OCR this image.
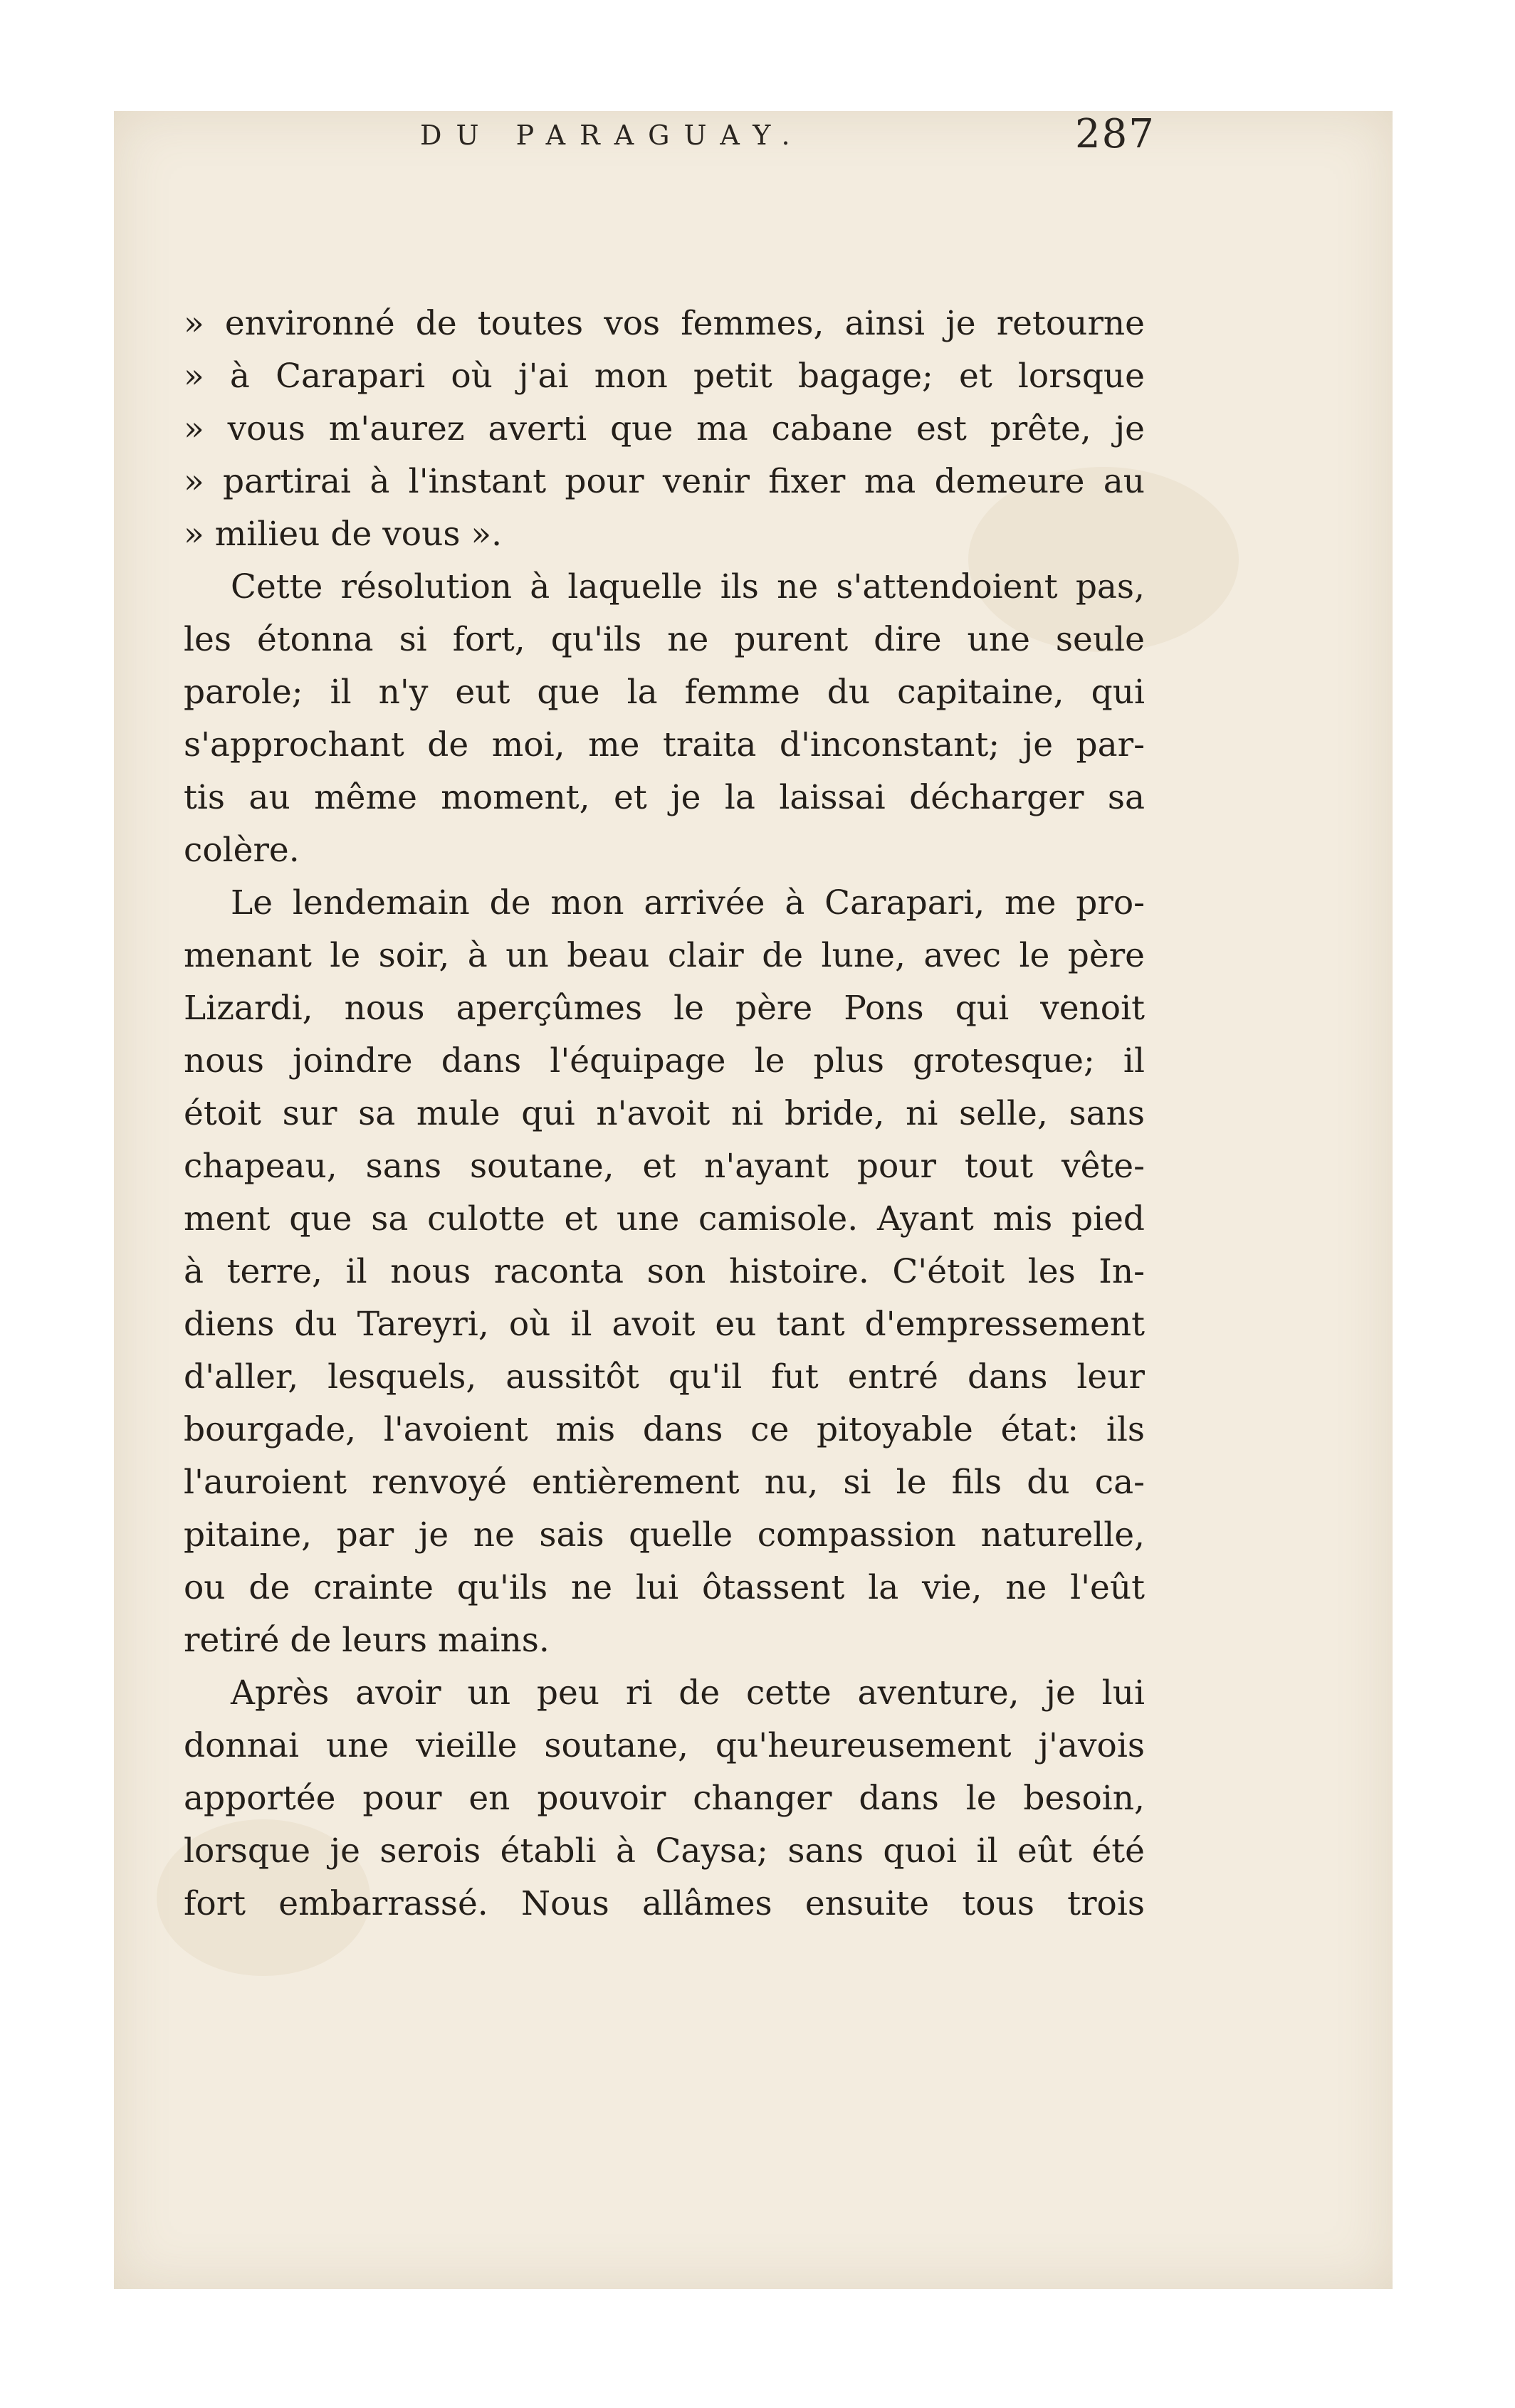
DU PARAGUAY.	287
» environné de toutes vos femmes, ainsi je retourne
» à Carapari où j'ai mon petit bagage; et lorsque
» vous m'aurez averti que ma cabane est prête, je
» partirai à l'instant pour venir fixer ma demeure au
» milieu de vous ».
Cette résolution à laquelle ils ne s'attendoient pas,
les étonna si fort, qu'ils ne purent dire une seule
parole; il n'y eut que la femme du capitaine, qui
s'approchant de moi, me traita d'inconstant; je par-
tis au même moment, et je la laissai décharger sa
colère.
Le lendemain de mon arrivée à Carapari, me pro-
menant le soir, à un beau clair de lune, avec le père
Lizardi, nous aperçûmes le père Pons qui venoit
nous joindre dans l'équipage le plus grotesque; il
étoit sur sa mule qui n'avoit ni bride, ni selle, sans
chapeau, sans soutane, et n'ayant pour tout vête-
ment que sa culotte et une camisole. Ayant mis pied
à terre, il nous raconta son histoire. C'étoit les In-
diens du Tareyri, où il avoit eu tant d'empressement
d'aller, lesquels, aussitôt qu'il fut entré dans leur
bourgade, l'avoient mis dans ce pitoyable état: ils
l'auroient renvoyé entièrement nu, si le fils du ca-
pitaine, par je ne sais quelle compassion naturelle,
ou de crainte qu'ils ne lui ôtassent la vie, ne l'eût
retiré de leurs mains.
Après avoir un peu ri de cette aventure, je lui
donnai une vieille soutane, qu'heureusement j'avois
apportée pour en pouvoir changer dans le besoin,
lorsque je serois établi à Caysa; sans quoi il eût été
fort embarrassé. Nous allâmes ensuite tous trois
